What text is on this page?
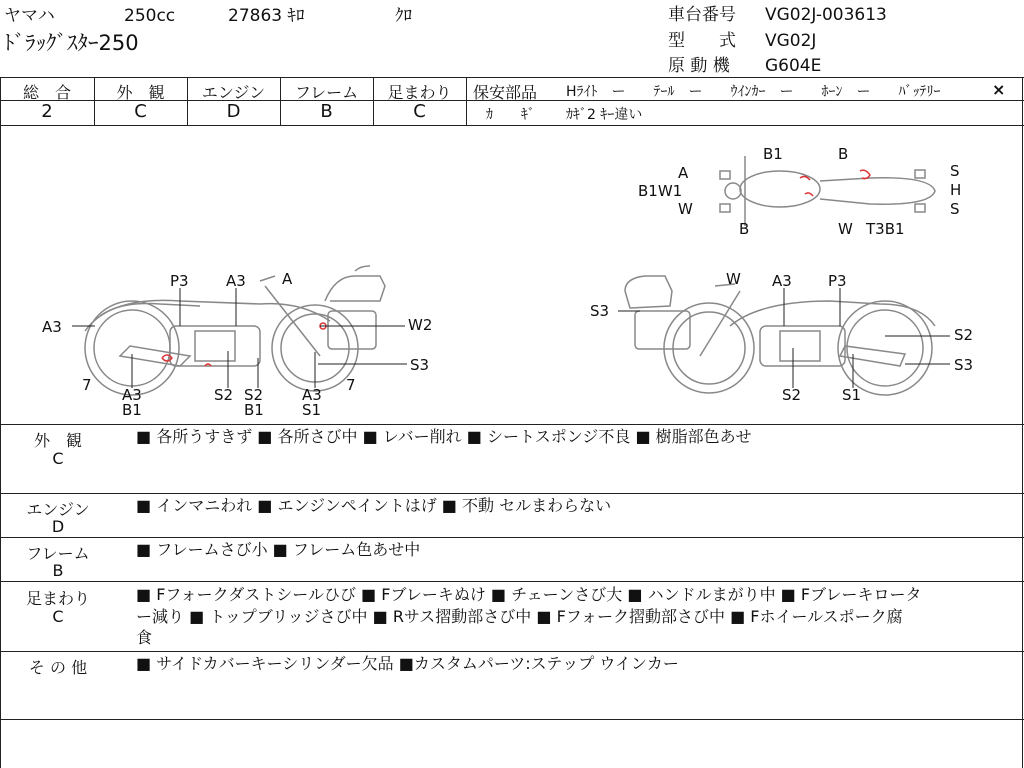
ヤマハ	250cc	27863 ｷﾛ	ｸﾛ
ﾄﾞﾗｯｸﾞｽﾀｰ250
車台番号 VG02J-003613
型　　式 VG02J
原 動 機 G604E
総　合	外　観	エンジン	フレーム	足まわり
2	C	D	B	C
保安部品 Hﾗｲﾄ　ー　　ﾃｰﾙ　ー　　ｳｲﾝｶｰ　ー　　ﾎｰﾝ　ー　　ﾊﾞｯﾃﾘｰ	×
ｶ　　ｷﾞ ｶｷﾞ2 ｷｰ違い
P3 A3 A
A3	W2
S3
7
A3
B1
S2 S2
B1
A3
S1
7
W A3 P3
S3
S2
S3
S2	S1
B1	B
A	S
B1W1	H
W	S
B	W T3B1
外　観
C
■ 各所うすきず ■ 各所さび中 ■ レバー削れ ■ シートスポンジ不良 ■ 樹脂部色あせ
エンジン
D
■ インマニわれ ■ エンジンペイントはげ ■ 不動 セルまわらない
フレーム
B
■ フレームさび小 ■ フレーム色あせ中
足まわり
C
■ Fフォークダストシールひび ■ Fブレーキぬけ ■ チェーンさび大 ■ ハンドルまがり中 ■ Fブレーキロータ
ー減り ■ トップブリッジさび中 ■ Rサス摺動部さび中 ■ Fフォーク摺動部さび中 ■ Fホイールスポーク腐
食
そ の 他	■ サイドカバーキーシリンダー欠品 ■カスタムパーツ:ステップ ウインカー
